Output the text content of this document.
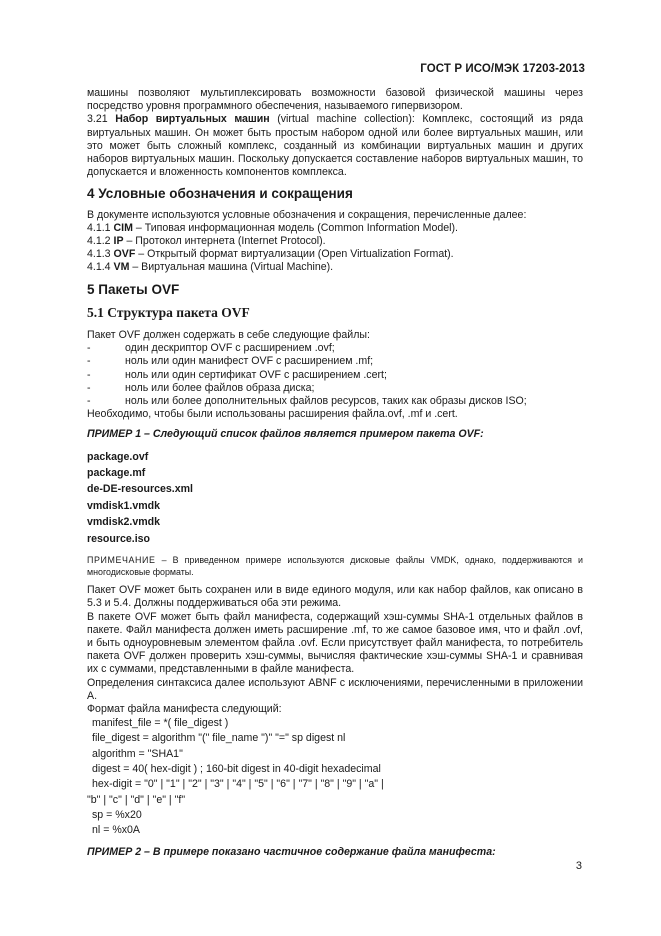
ГОСТ Р ИСО/МЭК 17203-2013

машины позволяют мультиплексировать возможности базовой физической машины через посредство уровня программного обеспечения, называемого гипервизором.

3.21 Набор виртуальных машин (virtual machine collection): Комплекс, состоящий из ряда виртуальных машин. Он может быть простым набором одной или более виртуальных машин, или это может быть сложный комплекс, созданный из комбинации виртуальных машин и других наборов виртуальных машин. Поскольку допускается составление наборов виртуальных машин, то допускается и вложенность компонентов комплекса.

4 Условные обозначения и сокращения

В документе используются условные обозначения и сокращения, перечисленные далее:

4.1.1 CIM – Типовая информационная модель (Common Information Model).

4.1.2 IP – Протокол интернета (Internet Protocol).

4.1.3 OVF – Открытый формат виртуализации (Open Virtualization Format).

4.1.4 VM – Виртуальная машина (Virtual Machine).

5 Пакеты OVF
5.1 Структура пакета OVF

Пакет OVF должен содержать в себе следующие файлы:

-	один дескриптор OVF с расширением .ovf;
-	ноль или один манифест OVF с расширением .mf;
-	ноль или один сертификат OVF с расширением .cert;
-	ноль или более файлов образа диска;
-	ноль или более дополнительных файлов ресурсов, таких как образы дисков ISO;

Необходимо, чтобы были использованы расширения файла.ovf, .mf и .cert.

ПРИМЕР 1 – Следующий список файлов является примером пакета OVF:
package.ovf
package.mf
de-DE-resources.xml
vmdisk1.vmdk
vmdisk2.vmdk
resource.iso

ПРИМЕЧАНИЕ – В приведенном примере используются дисковые файлы VMDK, однако, поддерживаются и многодисковые форматы.

Пакет OVF может быть сохранен или в виде единого модуля, или как набор файлов, как описано в 5.3 и 5.4. Должны поддерживаться оба эти режима.

В пакете OVF может быть файл манифеста, содержащий хэш-суммы SHA-1 отдельных файлов в пакете. Файл манифеста должен иметь расширение .mf, то же самое базовое имя, что и файл .ovf, и быть одноуровневым элементом файла .ovf. Если присутствует файл манифеста, то потребитель пакета OVF должен проверить хэш-суммы, вычисляя фактические хэш-суммы SHA-1 и сравнивая их с суммами, представленными в файле манифеста.

Определения синтаксиса далее используют ABNF с исключениями, перечисленными в приложении А.

Формат файла манифеста следующий:

manifest_file = *( file_digest )
file_digest = algorithm "(" file_name ")" "=" sp digest nl
algorithm = "SHA1"
digest = 40( hex-digit ) ; 160-bit digest in 40-digit hexadecimal
hex-digit = "0" | "1" | "2" | "3" | "4" | "5" | "6" | "7" | "8" | "9" | "a" |
"b" | "c" | "d" | "e" | "f"
sp = %x20
nl = %x0A
ПРИМЕР 2 – В примере показано частичное содержание файла манифеста:
3
